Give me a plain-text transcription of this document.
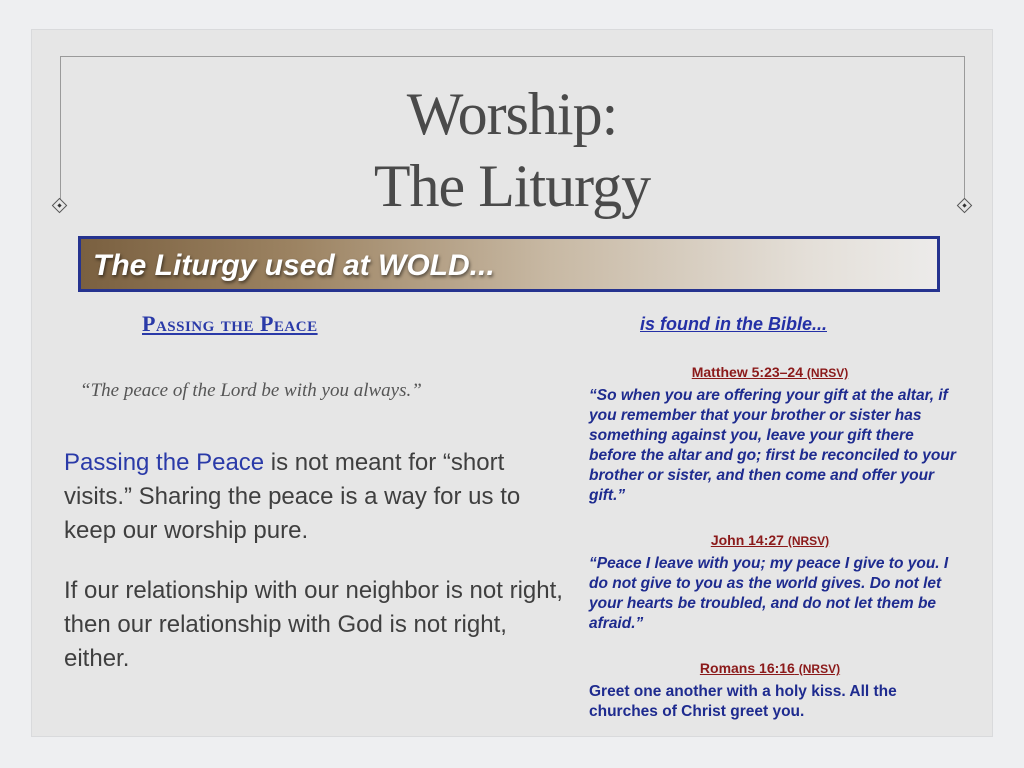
Worship:
The Liturgy
The Liturgy used at WOLD...
Passing the Peace
“The peace of the Lord be with you always.”
Passing the Peace is not meant for “short visits.” Sharing the peace is a way for us to keep our worship pure.
If our relationship with our neighbor is not right, then our relationship with God is not right, either.
is found in the Bible...
Matthew 5:23–24 (NRSV)
“So when you are offering your gift at the altar, if you remember that your brother or sister has something against you, leave your gift there before the altar and go; first be reconciled to your brother or sister, and then come and offer your gift.”
John 14:27 (NRSV)
“Peace I leave with you; my peace I give to you. I do not give to you as the world gives. Do not let your hearts be troubled, and do not let them be afraid.”
Romans 16:16 (NRSV)
Greet one another with a holy kiss. All the churches of Christ greet you.
